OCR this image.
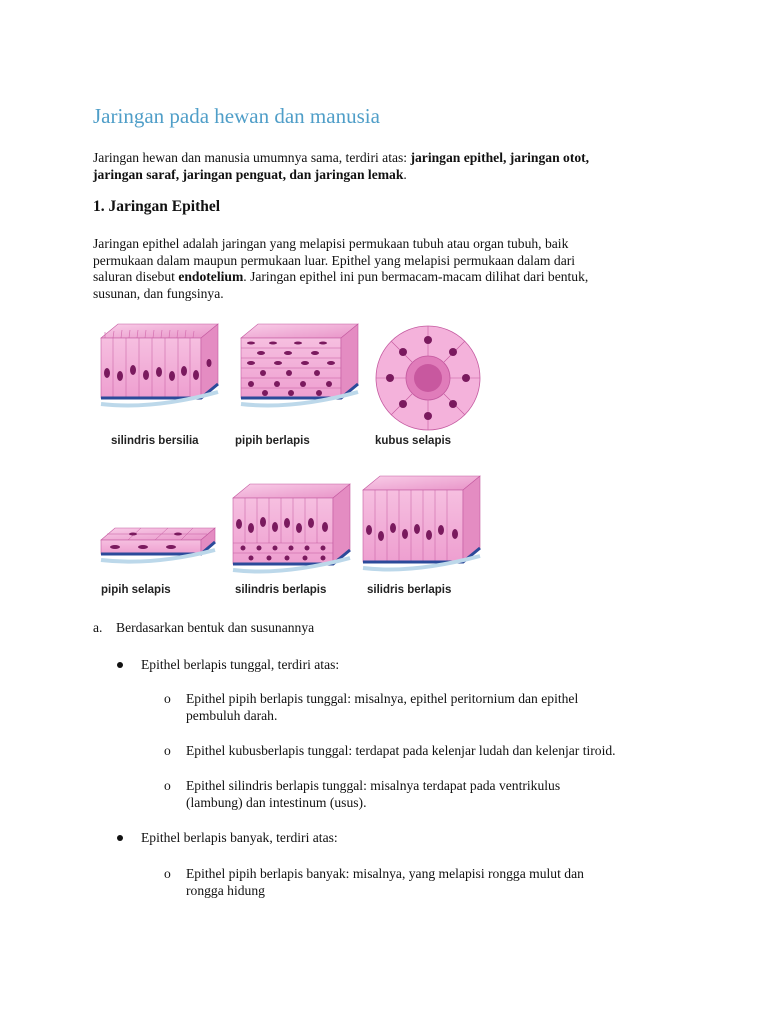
Jaringan pada hewan dan manusia

Jaringan hewan dan manusia umumnya sama, terdiri atas: jaringan epithel, jaringan otot,
jaringan saraf, jaringan penguat, dan jaringan lemak.

1. Jaringan Epithel

Jaringan epithel adalah jaringan yang melapisi permukaan tubuh atau organ tubuh, baik
permukaan dalam maupun permukaan luar. Epithel yang melapisi permukaan dalam dari
saluran disebut endotelium. Jaringan epithel ini pun bermacam-macam dilihat dari bentuk,
susunan, dan fungsinya.

silindris bersilia	pipih berlapis	kubus selapis
pipih selapis	silindris berlapis	silidris berlapis
a. Berdasarkan bentuk dan susunannya
Epithel berlapis tunggal, terdiri atas:
o Epithel pipih berlapis tunggal: misalnya, epithel peritornium dan epithel
pembuluh darah.
o Epithel kubusberlapis tunggal: terdapat pada kelenjar ludah dan kelenjar tiroid.
o Epithel silindris berlapis tunggal: misalnya terdapat pada ventrikulus
(lambung) dan intestinum (usus).
Epithel berlapis banyak, terdiri atas:
o Epithel pipih berlapis banyak: misalnya, yang melapisi rongga mulut dan
rongga hidung
